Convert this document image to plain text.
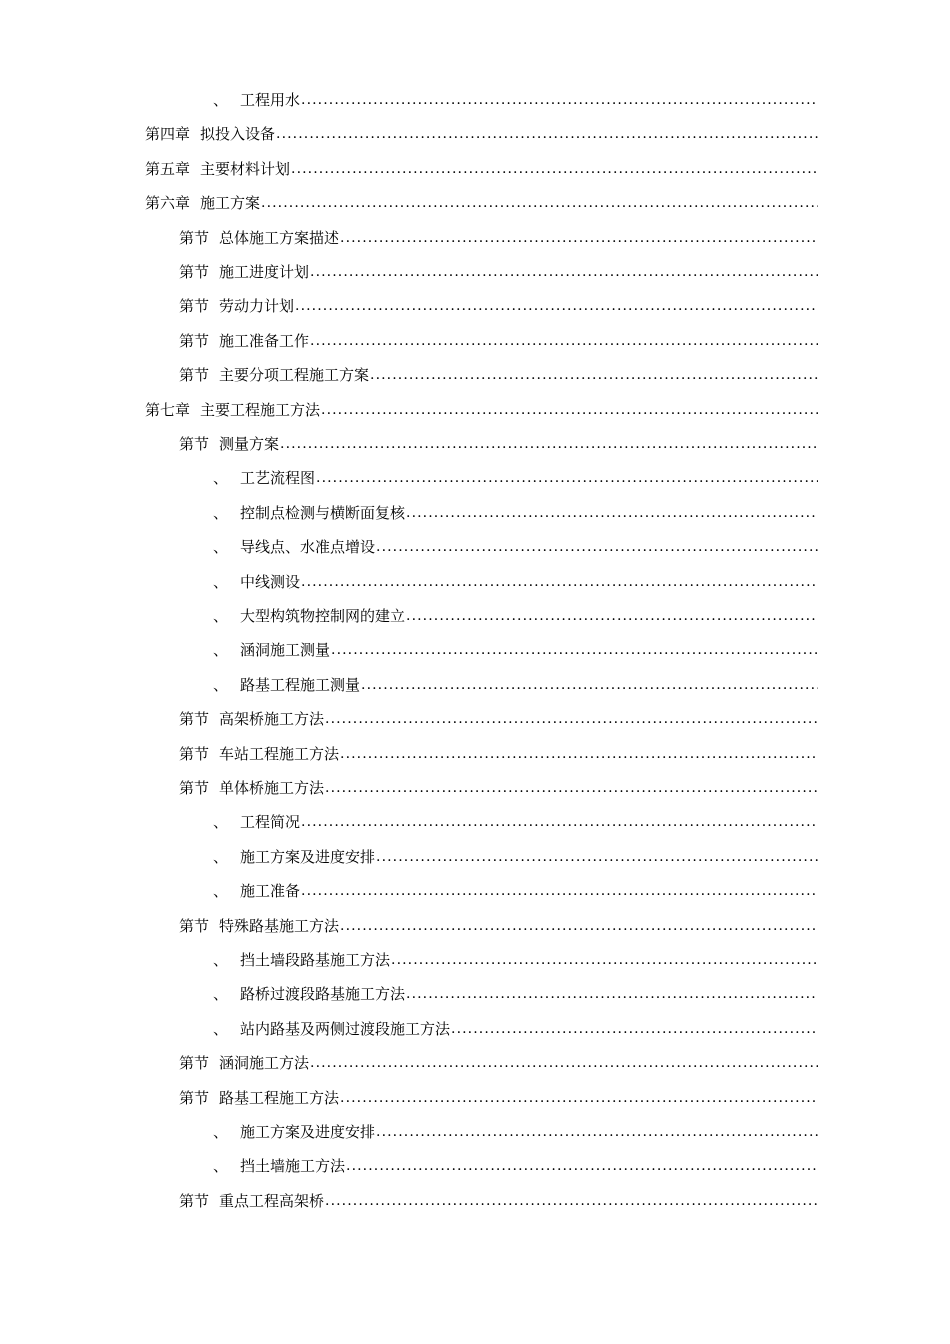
、 工程用水
.....
第四章 拟投入设备
.....
第五章 主要材料计划
.....
第六章 施工方案
.....
第节 总体施工方案描述
.....
第节 施工进度计划
.....
第节 劳动力计划
.....
第节 施工准备工作
.....
第节 主要分项工程施工方案
.....
第七章 主要工程施工方法
.....
第节 测量方案
.....
、 工艺流程图
.....
、 控制点检测与横断面复核
.....
、 导线点、水准点增设
.....
、 中线测设
.....
、 大型构筑物控制网的建立
.....
、 涵洞施工测量
.....
、 路基工程施工测量
.....
第节 高架桥施工方法
.....
第节 车站工程施工方法
.....
第节 单体桥施工方法
.....
、 工程简况
.....
、 施工方案及进度安排
.....
、 施工准备
.....
第节 特殊路基施工方法
.....
、 挡土墙段路基施工方法
.....
、 路桥过渡段路基施工方法
.....
、 站内路基及两侧过渡段施工方法
.....
第节 涵洞施工方法
.....
第节 路基工程施工方法
.....
、 施工方案及进度安排
.....
、 挡土墙施工方法
.....
第节 重点工程高架桥
.....
